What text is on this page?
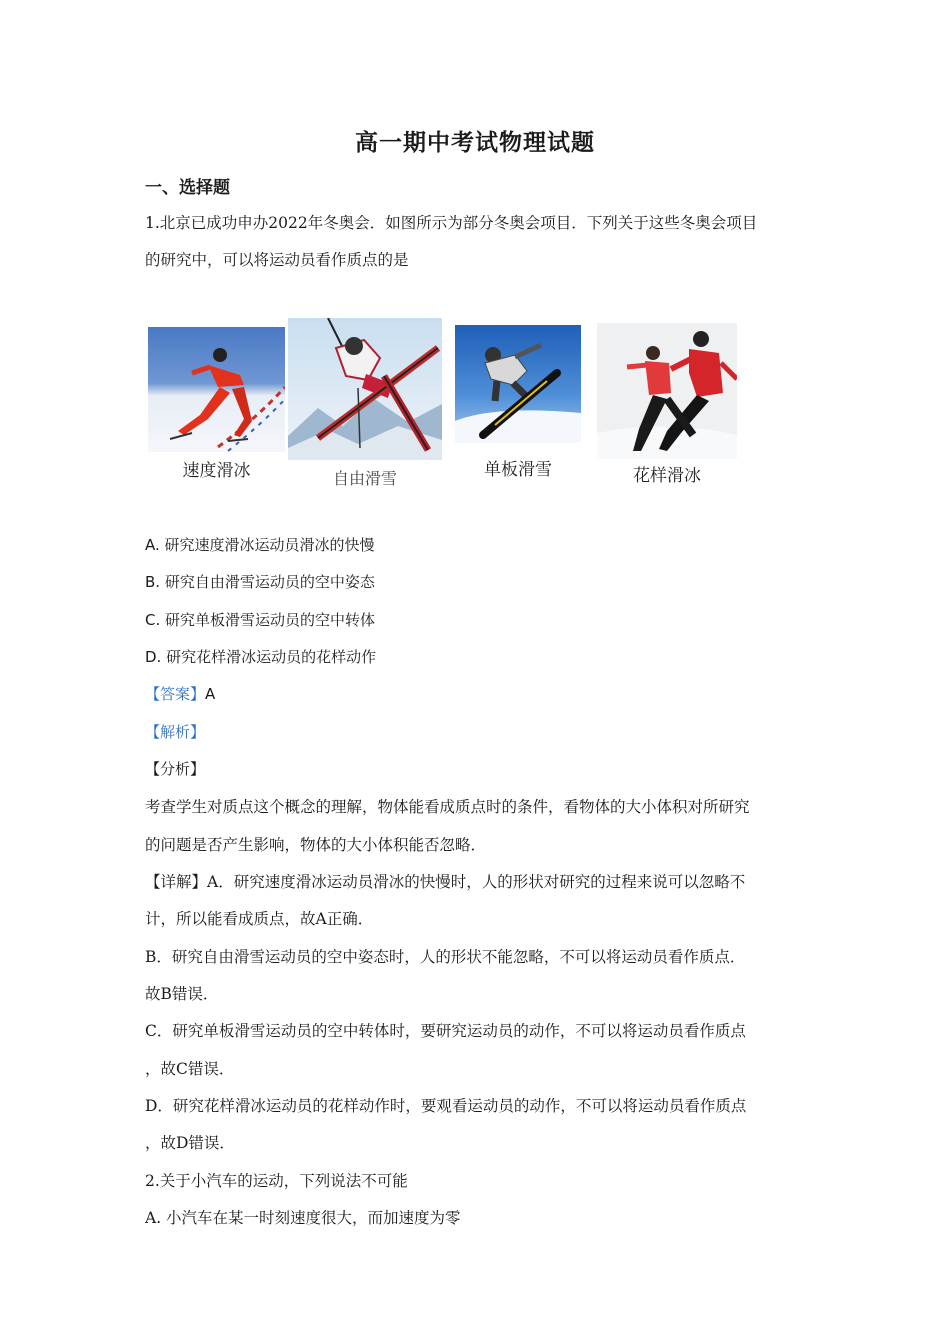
高一期中考试物理试题
一、选择题
1.北京已成功申办2022年冬奥会．如图所示为部分冬奥会项目．下列关于这些冬奥会项目
的研究中，可以将运动员看作质点的是
速度滑冰	自由滑雪	单板滑雪	花样滑冰
A. 研究速度滑冰运动员滑冰的快慢
B. 研究自由滑雪运动员的空中姿态
C. 研究单板滑雪运动员的空中转体
D. 研究花样滑冰运动员的花样动作
【答案】A
【解析】
【分析】
考查学生对质点这个概念的理解，物体能看成质点时的条件，看物体的大小体积对所研究
的问题是否产生影响，物体的大小体积能否忽略．
【详解】A．研究速度滑冰运动员滑冰的快慢时，人的形状对研究的过程来说可以忽略不
计，所以能看成质点，故A正确．
B．研究自由滑雪运动员的空中姿态时，人的形状不能忽略，不可以将运动员看作质点．
故B错误．
C．研究单板滑雪运动员的空中转体时，要研究运动员的动作，不可以将运动员看作质点
，故C错误．
D．研究花样滑冰运动员的花样动作时，要观看运动员的动作，不可以将运动员看作质点
，故D错误．
2.关于小汽车的运动，下列说法不可能
A. 小汽车在某一时刻速度很大，而加速度为零
